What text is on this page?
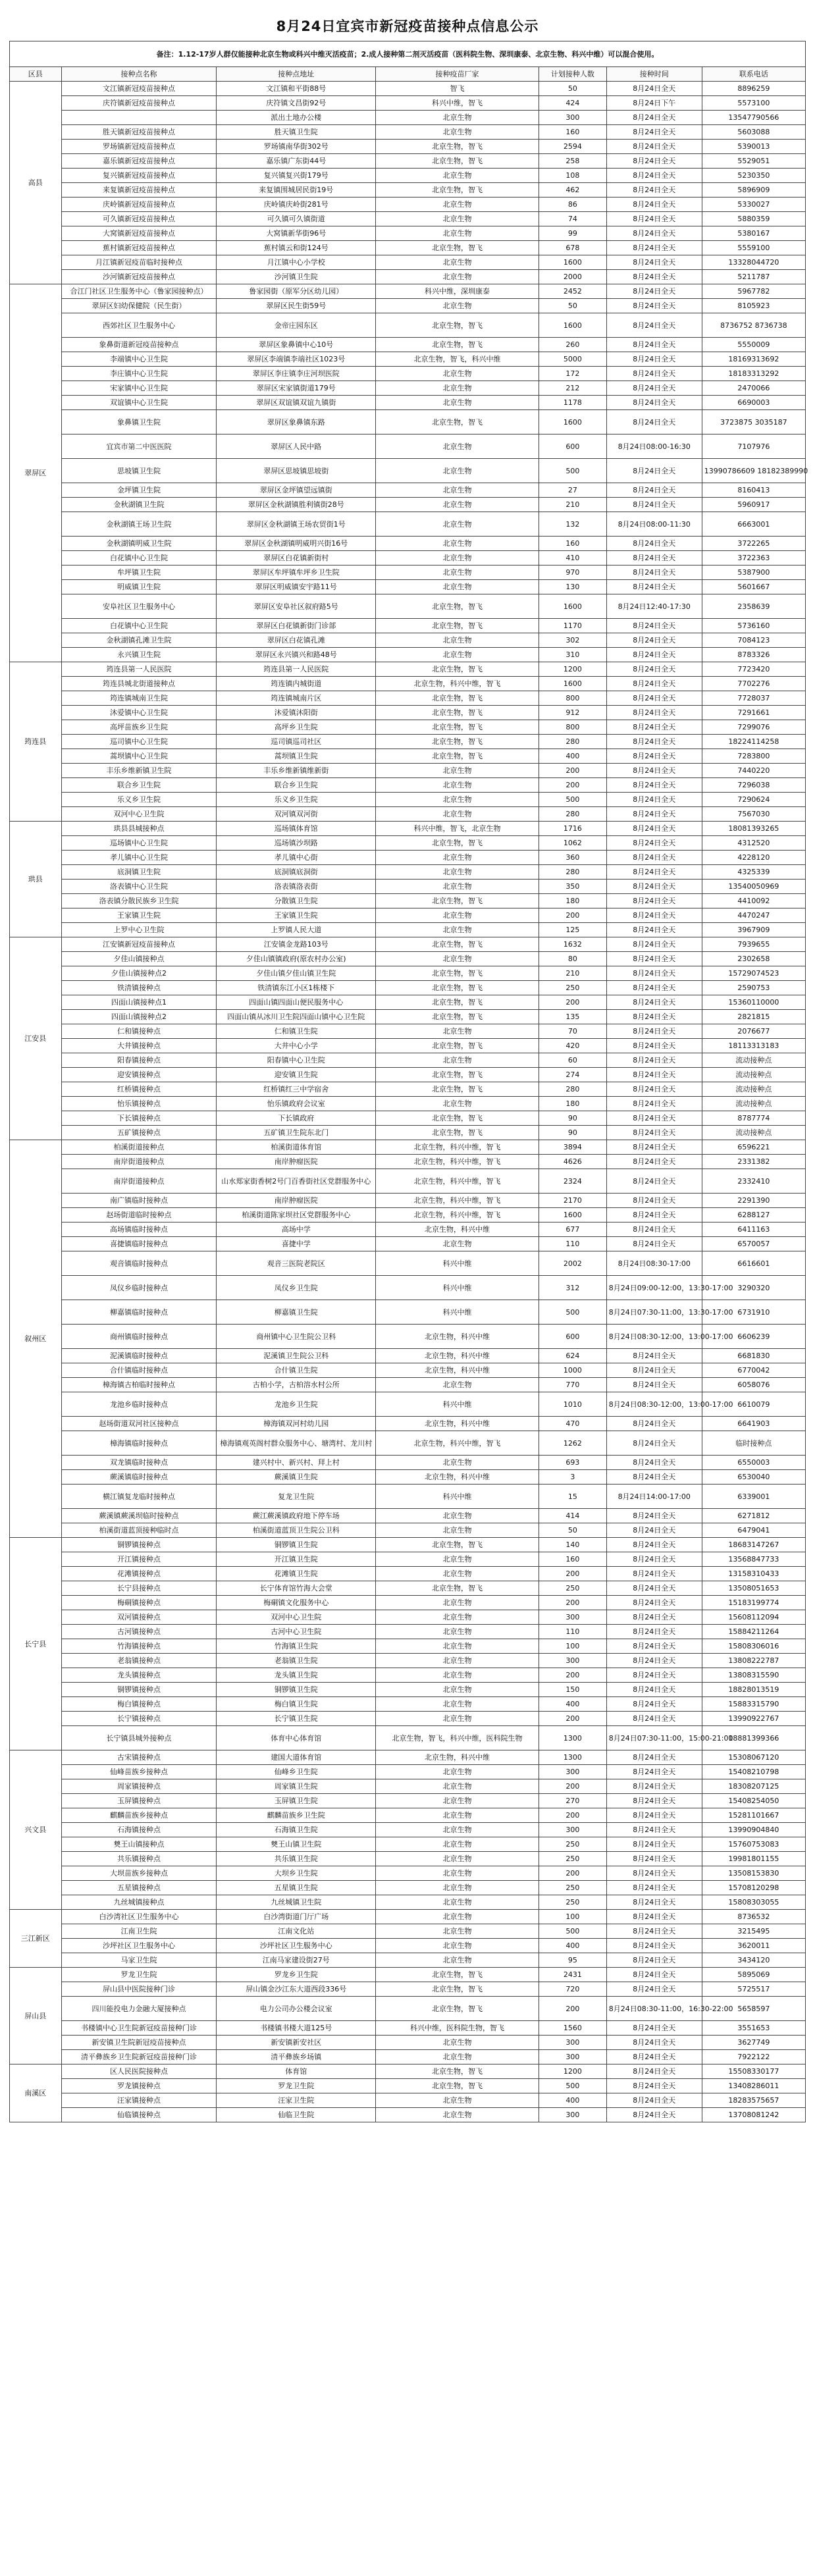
8月24日宜宾市新冠疫苗接种点信息公示
备注：1.12-17岁人群仅能接种北京生物或科兴中维灭活疫苗；2.成人接种第二剂灭活疫苗（医科院生物、深圳康泰、北京生物、科兴中维）可以混合使用。						
区县	接种点名称	接种点地址	接种疫苗厂家	计划接种人数	接种时间	联系电话
高县	文江镇新冠疫苗接种点	文江镇和平街88号	智飞	50	8月24日全天	8896259
	庆符镇新冠疫苗接种点	庆符镇文昌街92号	科兴中维，智飞	424	8月24日下午	5573100
		派出土地办公楼	北京生物	300	8月24日全天	13547790566
	胜天镇新冠疫苗接种点	胜天镇卫生院	北京生物	160	8月24日全天	5603088
	罗场镇新冠疫苗接种点	罗场镇南华街302号	北京生物，智飞	2594	8月24日全天	5390013
	嘉乐镇新冠疫苗接种点	嘉乐镇广东街44号	北京生物，智飞	258	8月24日全天	5529051
	复兴镇新冠疫苗接种点	复兴镇复兴街179号	北京生物	108	8月24日全天	5230350
	来复镇新冠疫苗接种点	来复镇围城居民街19号	北京生物，智飞	462	8月24日全天	5896909
	庆岭镇新冠疫苗接种点	庆岭镇庆岭街281号	北京生物	86	8月24日全天	5330027
	可久镇新冠疫苗接种点	可久镇可久镇街道	北京生物	74	8月24日全天	5880359
	大窝镇新冠疫苗接种点	大窝镇新华街96号	北京生物	99	8月24日全天	5380167
	蕉村镇新冠疫苗接种点	蕉村镇云和街124号	北京生物，智飞	678	8月24日全天	5559100
	月江镇新冠疫苗临时接种点	月江镇中心小学校	北京生物	1600	8月24日全天	13328044720
	沙河镇新冠疫苗接种点	沙河镇卫生院	北京生物	2000	8月24日全天	5211787
翠屏区	合江门社区卫生服务中心（鲁家园接种点）	鲁家园街（原军分区幼儿园）	科兴中维，深圳康泰	2452	8月24日全天	5967782
	翠屏区妇幼保健院（民生街）	翠屏区民生街59号	北京生物	50	8月24日全天	8105923
	西郊社区卫生服务中心	金帝庄园东区	北京生物，智飞	1600	8月24日全天	8736752 8736738
	象鼻街道新冠疫苗接种点	翠屏区象鼻镇中心10号	北京生物，智飞	260	8月24日全天	5550009
	李端镇中心卫生院	翠屏区李端镇李端社区1023号	北京生物，智飞，科兴中维	5000	8月24日全天	18169313692
	李庄镇中心卫生院	翠屏区李庄镇李庄河坝医院	北京生物	172	8月24日全天	18183313292
	宋家镇中心卫生院	翠屏区宋家镇街道179号	北京生物	212	8月24日全天	2470066
	双谊镇中心卫生院	翠屏区双谊镇双谊九镇街	北京生物	1178	8月24日全天	6690003
	象鼻镇卫生院	翠屏区象鼻镇东路	北京生物，智飞	1600	8月24日全天	3723875 3035187
	宜宾市第二中医医院	翠屏区人民中路	北京生物	600	8月24日08:00-16:30	7107976
	思坡镇卫生院	翠屏区思坡镇思坡街	北京生物	500	8月24日全天	13990786609 18182389990
	金坪镇卫生院	翠屏区金坪镇望远镇街	北京生物	27	8月24日全天	8160413
	金秋湖镇卫生院	翠屏区金秋湖镇胜利镇街28号	北京生物	210	8月24日全天	5960917
	金秋湖镇王场卫生院	翠屏区金秋湖镇王场农贸街1号	北京生物	132	8月24日08:00-11:30	6663001
	金秋湖镇明威卫生院	翠屏区金秋湖镇明威明兴街16号	北京生物	160	8月24日全天	3722265
	白花镇中心卫生院	翠屏区白花镇新街村	北京生物	410	8月24日全天	3722363
	牟坪镇卫生院	翠屏区牟坪镇牟坪乡卫生院	北京生物	970	8月24日全天	5387900
	明威镇卫生院	翠屏区明威镇安宇路11号	北京生物	130	8月24日全天	5601667
	安阜社区卫生服务中心	翠屏区安阜社区叙府路5号	北京生物，智飞	1600	8月24日12:40-17:30	2358639
	白花镇中心卫生院	翠屏区白花镇新街门诊部	北京生物，智飞	1170	8月24日全天	5736160
	金秋湖镇孔滩卫生院	翠屏区白花镇孔滩	北京生物	302	8月24日全天	7084123
	永兴镇卫生院	翠屏区永兴镇兴和路48号	北京生物	310	8月24日全天	8783326
筠连县	筠连县第一人民医院	筠连县第一人民医院	北京生物，智飞	1200	8月24日全天	7723420
	筠连县城北街道接种点	筠连镇内城街道	北京生物，科兴中维，智飞	1600	8月24日全天	7702276
	筠连镇城南卫生院	筠连镇城南片区	北京生物，智飞	800	8月24日全天	7728037
	沐爱镇中心卫生院	沐爱镇沐阳街	北京生物，智飞	912	8月24日全天	7291661
	高坪苗族乡卫生院	高坪乡卫生院	北京生物，智飞	800	8月24日全天	7299076
	巡司镇中心卫生院	巡司镇巡司社区	北京生物，智飞	280	8月24日全天	18224114258
	蒿坝镇中心卫生院	蒿坝镇卫生院	北京生物，智飞	400	8月24日全天	7283800
	丰乐乡维新镇卫生院	丰乐乡维新镇维新街	北京生物	200	8月24日全天	7440220
	联合乡卫生院	联合乡卫生院	北京生物	200	8月24日全天	7296038
	乐义乡卫生院	乐义乡卫生院	北京生物	500	8月24日全天	7290624
	双河中心卫生院	双河镇双河街	北京生物	280	8月24日全天	7567030
珙县	珙县县城接种点	巡场镇体育馆	科兴中维，智飞，北京生物	1716	8月24日全天	18081393265
	巡场镇中心卫生院	巡场镇沙坝路	北京生物，智飞	1062	8月24日全天	4312520
	孝儿镇中心卫生院	孝儿镇中心街	北京生物	360	8月24日全天	4228120
	底洞镇卫生院	底洞镇底洞街	北京生物	280	8月24日全天	4325339
	洛表镇中心卫生院	洛表镇洛表街	北京生物	350	8月24日全天	13540050969
	洛表镇分散民族乡卫生院	分散镇卫生院	北京生物，智飞	180	8月24日全天	4410092
	王家镇卫生院	王家镇卫生院	北京生物	200	8月24日全天	4470247
	上罗中心卫生院	上罗镇人民大道	北京生物	125	8月24日全天	3967909
江安县	江安镇新冠疫苗接种点	江安镇金龙路103号	北京生物，智飞	1632	8月24日全天	7939655
	夕佳山镇接种点	夕佳山镇镇政府(原农村办公室)	北京生物	80	8月24日全天	2302658
	夕佳山镇接种点2	夕佳山镇夕佳山镇卫生院	北京生物，智飞	210	8月24日全天	15729074523
	铁清镇接种点	铁清镇东江小区1栋楼下	北京生物，智飞	250	8月24日全天	2590753
	四面山镇接种点1	四面山镇四面山便民服务中心	北京生物，智飞	200	8月24日全天	15360110000
	四面山镇接种点2	四面山镇从冰川卫生院四面山镇中心卫生院	北京生物，智飞	135	8月24日全天	2821815
	仁和镇接种点	仁和镇卫生院	北京生物	70	8月24日全天	2076677
	大井镇接种点	大井中心小学	北京生物，智飞	420	8月24日全天	18113313183
	阳春镇接种点	阳春镇中心卫生院	北京生物	60	8月24日全天	流动接种点
	迎安镇接种点	迎安镇卫生院	北京生物，智飞	274	8月24日全天	流动接种点
	红桥镇接种点	红桥镇红三中学宿舍	北京生物，智飞	280	8月24日全天	流动接种点
	怡乐镇接种点	怡乐镇政府会议室	北京生物	180	8月24日全天	流动接种点
	下长镇接种点	下长镇政府	北京生物，智飞	90	8月24日全天	8787774
	五矿镇接种点	五矿镇卫生院东北门	北京生物，智飞	90	8月24日全天	流动接种点
叙州区	柏溪街道接种点	柏溪街道体育馆	北京生物，科兴中维，智飞	3894	8月24日全天	6596221
	南岸街道接种点	南岸肿瘤医院	北京生物，科兴中维，智飞	4626	8月24日全天	2331382
	南岸街道接种点	山水郑家街香树2号门百香街社区党群服务中心	北京生物，科兴中维，智飞	2324	8月24日全天	2332410
	南广镇临时接种点	南岸肿瘤医院	北京生物，科兴中维，智飞	2170	8月24日全天	2291390
	赵场街道临时接种点	柏溪街道陈家坝社区党群服务中心	北京生物，科兴中维，智飞	1600	8月24日全天	6288127
	高场镇临时接种点	高场中学	北京生物，科兴中维	677	8月24日全天	6411163
	喜捷镇临时接种点	喜捷中学	北京生物	110	8月24日全天	6570057
	观音镇临时接种点	观音三医院老院区	科兴中维	2002	8月24日08:30-17:00	6616601
	凤仪乡临时接种点	凤仪乡卫生院	科兴中维	312	8月24日09:00-12:00，13:30-17:00	3290320
	柳嘉镇临时接种点	柳嘉镇卫生院	科兴中维	500	8月24日07:30-11:00，13:30-17:00	6731910
	商州镇临时接种点	商州镇中心卫生院公卫科	北京生物，科兴中维	600	8月24日08:30-12:00，13:00-17:00	6606239
	泥溪镇临时接种点	泥溪镇卫生院公卫科	北京生物，科兴中维	624	8月24日全天	6681830
	合什镇临时接种点	合什镇卫生院	北京生物，科兴中维	1000	8月24日全天	6770042
	樟海镇古柏临时接种点	古柏小学，古柏溶水村公所	北京生物	770	8月24日全天	6058076
	龙池乡临时接种点	龙池乡卫生院	科兴中维	1010	8月24日08:30-12:00，13:00-17:00	6610079
	赵场街道双河社区接种点	樟海镇双河村幼儿园	北京生物，科兴中维	470	8月24日全天	6641903
	樟海镇临时接种点	樟海镇观英阁村群众服务中心、塘湾村、龙川村	北京生物，科兴中维，智飞	1262	8月24日全天	临时接种点
	双龙镇临时接种点	建兴村中、新兴村、拜上村	北京生物	693	8月24日全天	6550003
	蕨溪镇临时接种点	蕨溪镇卫生院	北京生物，科兴中维	3	8月24日全天	6530040
	横江镇复龙临时接种点	复龙卫生院	科兴中维	15	8月24日14:00-17:00	6339001
	蕨溪镇蕨溪坝临时接种点	蕨江蕨溪镇政府地下停车场	北京生物	414	8月24日全天	6271812
	柏溪街道蓝顶接种临时点	柏溪街道蓝顶卫生院公卫科	北京生物	50	8月24日全天	6479041
长宁县	铜锣镇接种点	铜锣镇卫生院	北京生物，智飞	140	8月24日全天	18683147267
	开江镇接种点	开江镇卫生院	北京生物	160	8月24日全天	13568847733
	花滩镇接种点	花滩镇卫生院	北京生物	200	8月24日全天	13158310433
	长宁县接种点	长宁体育馆竹海大会堂	北京生物，智飞	250	8月24日全天	13508051653
	梅硐镇接种点	梅硐镇文化服务中心	北京生物	200	8月24日全天	15183199774
	双河镇接种点	双河中心卫生院	北京生物	300	8月24日全天	15608112094
	古河镇接种点	古河中心卫生院	北京生物	110	8月24日全天	15884211264
	竹海镇接种点	竹海镇卫生院	北京生物	100	8月24日全天	15808306016
	老翁镇接种点	老翁镇卫生院	北京生物	300	8月24日全天	13808222787
	龙头镇接种点	龙头镇卫生院	北京生物	200	8月24日全天	13808315590
	铜锣镇接种点	铜锣镇卫生院	北京生物	150	8月24日全天	18828013519
	梅白镇接种点	梅白镇卫生院	北京生物	400	8月24日全天	15883315790
	长宁镇接种点	长宁镇卫生院	北京生物	200	8月24日全天	13990922767
	长宁镇县城外接种点	体育中心体育馆	北京生物，智飞，科兴中维，医科院生物	1300	8月24日07:30-11:00，15:00-21:00	18881399366
兴文县	古宋镇接种点	建国大道体育馆	北京生物，科兴中维	1300	8月24日全天	15308067120
	仙峰苗族乡接种点	仙峰乡卫生院	北京生物	300	8月24日全天	15408210798
	周家镇接种点	周家镇卫生院	北京生物	200	8月24日全天	18308207125
	玉屏镇接种点	玉屏镇卫生院	北京生物	270	8月24日全天	15408254050
	麒麟苗族乡接种点	麒麟苗族乡卫生院	北京生物	200	8月24日全天	15281101667
	石海镇接种点	石海镇卫生院	北京生物	300	8月24日全天	13990904840
	僰王山镇接种点	僰王山镇卫生院	北京生物	250	8月24日全天	15760753083
	共乐镇接种点	共乐镇卫生院	北京生物	250	8月24日全天	19981801155
	大坝苗族乡接种点	大坝乡卫生院	北京生物	200	8月24日全天	13508153830
	五星镇接种点	五星镇卫生院	北京生物	250	8月24日全天	15708120298
	九丝城镇接种点	九丝城镇卫生院	北京生物	250	8月24日全天	15808303055
三江新区	白沙湾社区卫生服务中心	白沙湾街道门厅广场	北京生物	100	8月24日全天	8736532
	江南卫生院	江南文化站	北京生物	500	8月24日全天	3215495
	沙坪社区卫生服务中心	沙坪社区卫生服务中心	北京生物	400	8月24日全天	3620011
	马家卫生院	江南马家建设街27号	北京生物	95	8月24日全天	3434120
屏山县	罗龙卫生院	罗龙乡卫生院	北京生物，智飞	2431	8月24日全天	5895069
	屏山县中医院接种门诊	屏山镇金沙江东大道西段336号	北京生物，智飞	720	8月24日全天	5725517
	四川能投电力金融大厦接种点	电力公司办公楼会议室	北京生物，智飞	200	8月24日08:30-11:00，16:30-22:00	5658597
	书楼镇中心卫生院新冠疫苗接种门诊	书楼镇书楼大道125号	科兴中维，医科院生物，智飞	1560	8月24日全天	3551653
	新安镇卫生院新冠疫苗接种点	新安镇新安社区	北京生物	300	8月24日全天	3627749
	清平彝族乡卫生院新冠疫苗接种门诊	清平彝族乡场镇	北京生物	300	8月24日全天	7922122
南溪区	区人民医院接种点	体育馆	北京生物，智飞	1200	8月24日全天	15508330177
	罗龙镇接种点	罗龙卫生院	北京生物，智飞	500	8月24日全天	13408286011
	汪家镇接种点	汪家卫生院	北京生物	400	8月24日全天	18283575657
	仙临镇接种点	仙临卫生院	北京生物	300	8月24日全天	13708081242
